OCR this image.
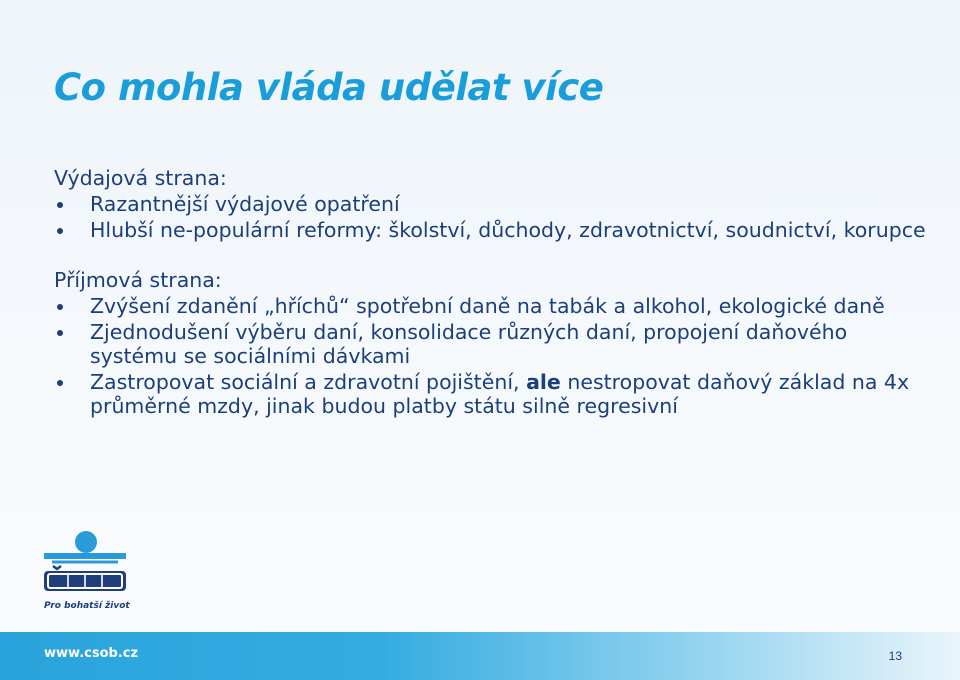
Co mohla vláda udělat více
Výdajová strana:
Razantnější výdajové opatření
Hlubší ne-populární reformy: školství, důchody, zdravotnictví, soudnictví, korupce
Příjmová strana:
Zvýšení zdanění „hříchů“ spotřební daně na tabák a alkohol, ekologické daně
Zjednodušení výběru daní, konsolidace různých daní, propojení daňového systému se sociálními dávkami
Zastropovat sociální a zdravotní pojištění, ale nestropovat daňový základ na 4x průměrné mzdy, jinak budou platby státu silně regresivní
Pro bohatší život
www.csob.cz	13
